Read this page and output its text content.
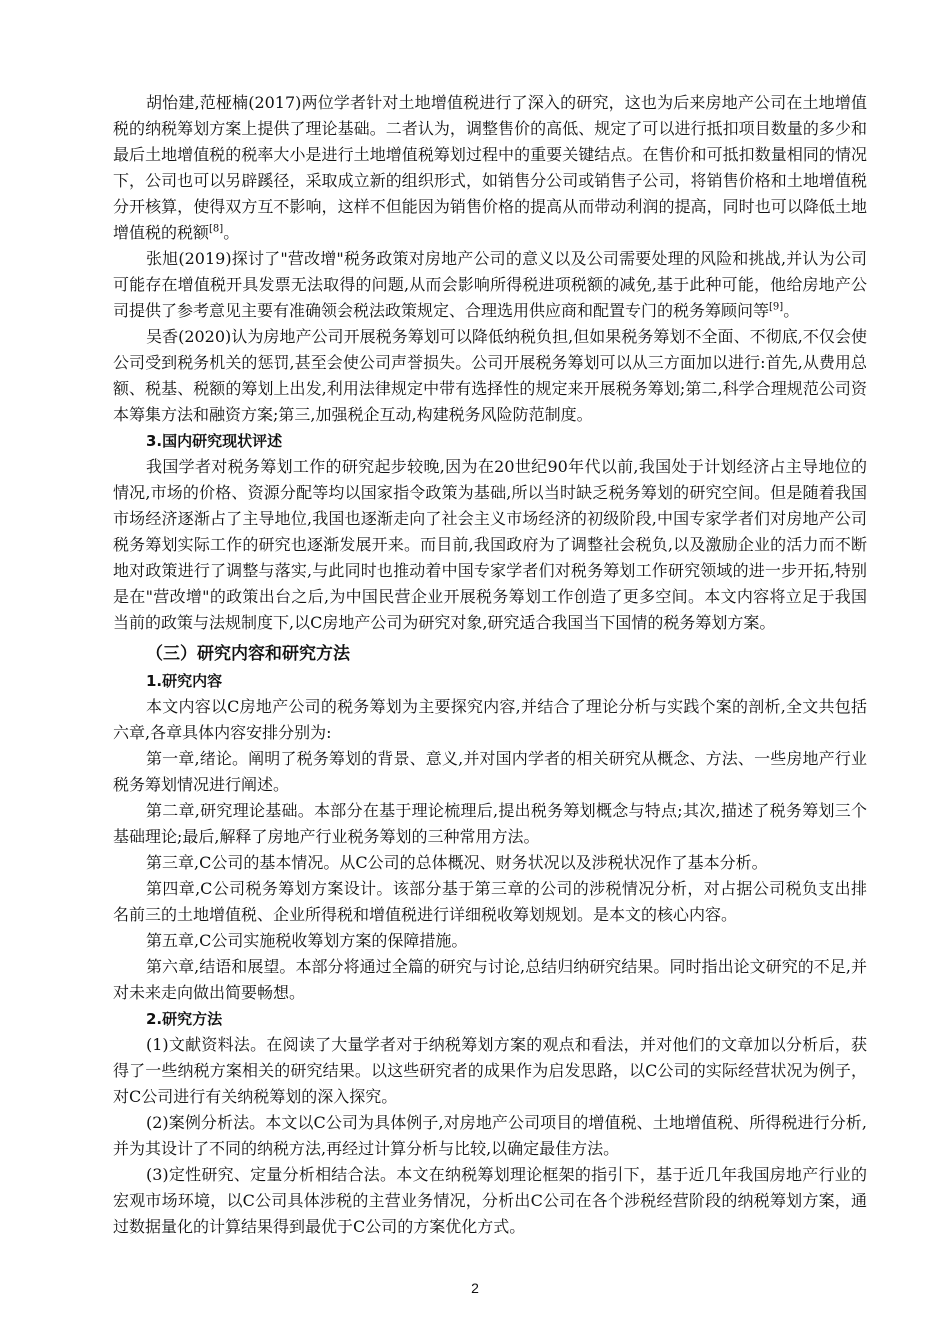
胡怡建,范桠楠(2017)两位学者针对土地增值税进行了深入的研究，这也为后来房地产公司在土地增值税的纳税筹划方案上提供了理论基础。二者认为，调整售价的高低、规定了可以进行抵扣项目数量的多少和最后土地增值税的税率大小是进行土地增值税筹划过程中的重要关键结点。在售价和可抵扣数量相同的情况下，公司也可以另辟蹊径，采取成立新的组织形式，如销售分公司或销售子公司，将销售价格和土地增值税分开核算，使得双方互不影响，这样不但能因为销售价格的提高从而带动利润的提高，同时也可以降低土地增值税的税额[8]。

张旭(2019)探讨了"营改增"税务政策对房地产公司的意义以及公司需要处理的风险和挑战,并认为公司可能存在增值税开具发票无法取得的问题,从而会影响所得税进项税额的减免,基于此种可能，他给房地产公司提供了参考意见主要有准确领会税法政策规定、合理选用供应商和配置专门的税务筹顾问等[9]。

吴香(2020)认为房地产公司开展税务筹划可以降低纳税负担,但如果税务筹划不全面、不彻底,不仅会使公司受到税务机关的惩罚,甚至会使公司声誉损失。公司开展税务筹划可以从三方面加以进行:首先,从费用总额、税基、税额的筹划上出发,利用法律规定中带有选择性的规定来开展税务筹划;第二,科学合理规范公司资本筹集方法和融资方案;第三,加强税企互动,构建税务风险防范制度。

3.国内研究现状评述

我国学者对税务筹划工作的研究起步较晚,因为在20世纪90年代以前,我国处于计划经济占主导地位的情况,市场的价格、资源分配等均以国家指令政策为基础,所以当时缺乏税务筹划的研究空间。但是随着我国市场经济逐渐占了主导地位,我国也逐渐走向了社会主义市场经济的初级阶段,中国专家学者们对房地产公司税务筹划实际工作的研究也逐渐发展开来。而目前,我国政府为了调整社会税负,以及激励企业的活力而不断地对政策进行了调整与落实,与此同时也推动着中国专家学者们对税务筹划工作研究领域的进一步开拓,特别是在"营改增"的政策出台之后,为中国民营企业开展税务筹划工作创造了更多空间。本文内容将立足于我国当前的政策与法规制度下,以C房地产公司为研究对象,研究适合我国当下国情的税务筹划方案。

（三）研究内容和研究方法

1.研究内容

本文内容以C房地产公司的税务筹划为主要探究内容,并结合了理论分析与实践个案的剖析,全文共包括六章,各章具体内容安排分别为:

第一章,绪论。阐明了税务筹划的背景、意义,并对国内学者的相关研究从概念、方法、一些房地产行业税务筹划情况进行阐述。

第二章,研究理论基础。本部分在基于理论梳理后,提出税务筹划概念与特点;其次,描述了税务筹划三个基础理论;最后,解释了房地产行业税务筹划的三种常用方法。

第三章,C公司的基本情况。从C公司的总体概况、财务状况以及涉税状况作了基本分析。

第四章,C公司税务筹划方案设计。该部分基于第三章的公司的涉税情况分析，对占据公司税负支出排名前三的土地增值税、企业所得税和增值税进行详细税收筹划规划。是本文的核心内容。

第五章,C公司实施税收筹划方案的保障措施。

第六章,结语和展望。本部分将通过全篇的研究与讨论,总结归纳研究结果。同时指出论文研究的不足,并对未来走向做出简要畅想。

2.研究方法

(1)文献资料法。在阅读了大量学者对于纳税筹划方案的观点和看法，并对他们的文章加以分析后，获得了一些纳税方案相关的研究结果。以这些研究者的成果作为启发思路，以C公司的实际经营状况为例子，对C公司进行有关纳税筹划的深入探究。

(2)案例分析法。本文以C公司为具体例子,对房地产公司项目的增值税、土地增值税、所得税进行分析,并为其设计了不同的纳税方法,再经过计算分析与比较,以确定最佳方法。

(3)定性研究、定量分析相结合法。本文在纳税筹划理论框架的指引下，基于近几年我国房地产行业的宏观市场环境，以C公司具体涉税的主营业务情况，分析出C公司在各个涉税经营阶段的纳税筹划方案，通过数据量化的计算结果得到最优于C公司的方案优化方式。

2
